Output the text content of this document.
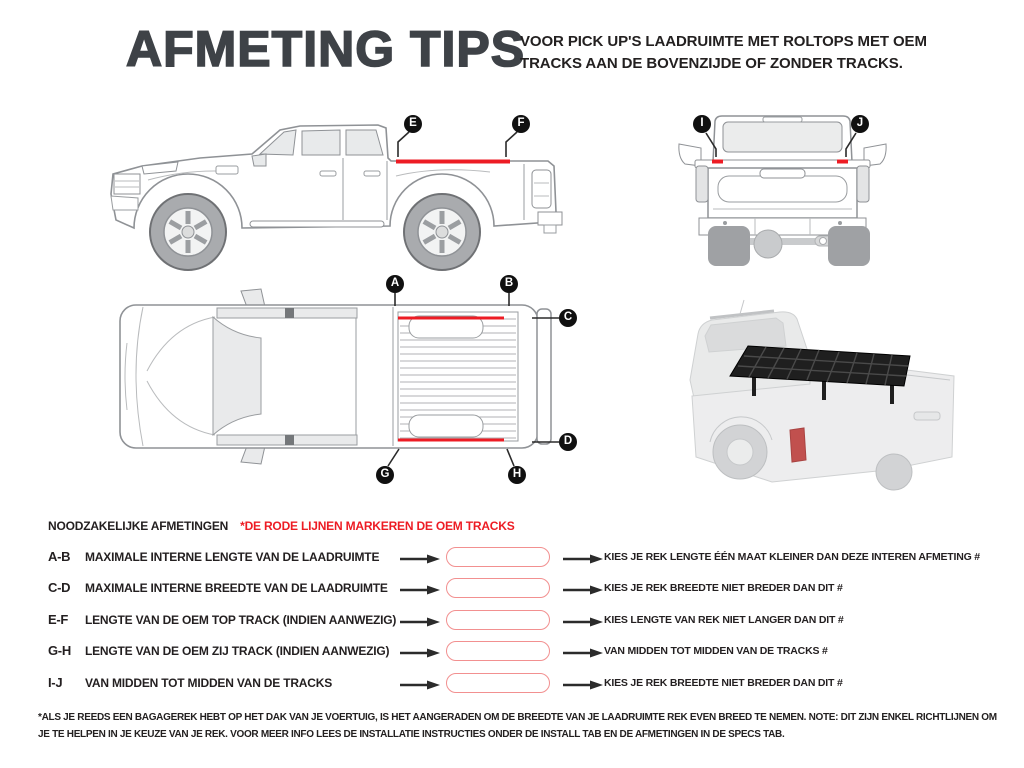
AFMETING TIPS
VOOR PICK UP'S LAADRUIMTE MET ROLTOPS MET OEM
TRACKS AAN DE BOVENZIJDE OF ZONDER TRACKS.
A	B
C
D
E	F
G	H
I	J
NOODZAKELIJKE AFMETINGEN *DE RODE LIJNEN MARKEREN DE OEM TRACKS
A-B MAXIMALE INTERNE LENGTE VAN DE LAADRUIMTE	KIES JE REK LENGTE ÉÉN MAAT KLEINER DAN DEZE INTEREN AFMETING #
C-D MAXIMALE INTERNE BREEDTE VAN DE LAADRUIMTE	KIES JE REK BREEDTE NIET BREDER DAN DIT #
E-F LENGTE VAN DE OEM TOP TRACK (INDIEN AANWEZIG)	KIES LENGTE VAN REK NIET LANGER DAN DIT #
G-H LENGTE VAN DE OEM ZIJ TRACK (INDIEN AANWEZIG)	VAN MIDDEN TOT MIDDEN VAN DE TRACKS #
I-J VAN MIDDEN TOT MIDDEN VAN DE TRACKS	KIES JE REK BREEDTE NIET BREDER DAN DIT #
*ALS JE REEDS EEN BAGAGEREK HEBT OP HET DAK VAN JE VOERTUIG, IS HET AANGERADEN OM DE BREEDTE VAN JE LAADRUIMTE REK EVEN BREED TE NEMEN. NOTE: DIT ZIJN ENKEL RICHTLIJNEN OM
JE TE HELPEN IN JE KEUZE VAN JE REK. VOOR MEER INFO LEES DE INSTALLATIE INSTRUCTIES ONDER DE INSTALL TAB EN DE AFMETINGEN IN DE SPECS TAB.
